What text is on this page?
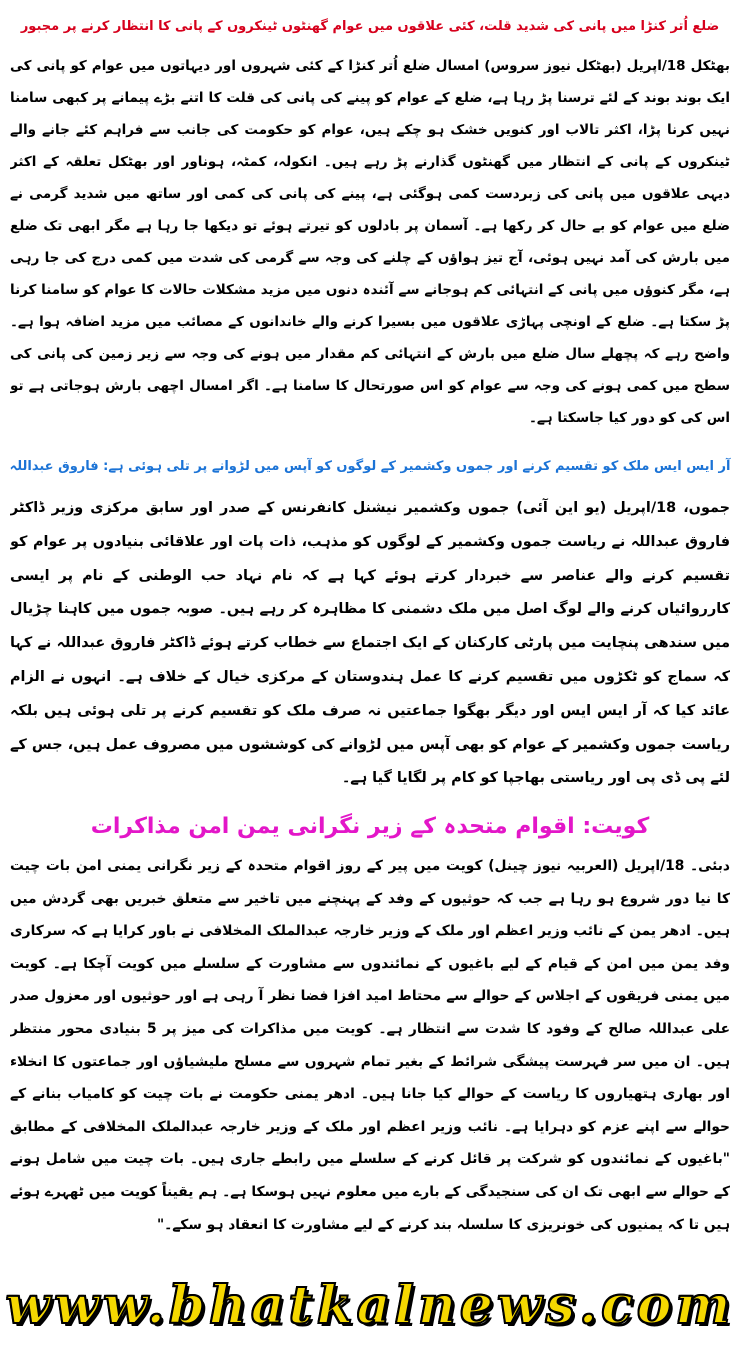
ضلع اُتر کنڑا میں پانی کی شدید قلت، کئی علاقوں میں عوام گھنٹوں ٹینکروں کے پانی کا انتظار کرنے پر مجبور
بھٹکل 18/اپریل (بھٹکل نیوز سروس) امسال ضلع اُتر کنڑا کے کئی شہروں اور دیہاتوں میں عوام کو پانی کی ایک بوند بوند کے لئے ترسنا پڑ رہا ہے، ضلع کے عوام کو پینے کی پانی کی قلت کا اتنے بڑے پیمانے پر کبھی سامنا نہیں کرنا پڑا، اکثر تالاب اور کنویں خشک ہو چکے ہیں، عوام کو حکومت کی جانب سے فراہم کئے جانے والے ٹینکروں کے پانی کے انتظار میں گھنٹوں گذارنے پڑ رہے ہیں۔ انکولہ، کمٹہ، ہوناور اور بھٹکل تعلقہ کے اکثر دیہی علاقوں میں پانی کی زبردست کمی ہوگئی ہے، پینے کی پانی کی کمی اور ساتھ میں شدید گرمی نے ضلع میں عوام کو بے حال کر رکھا ہے۔ آسمان پر بادلوں کو تیرتے ہوئے تو دیکھا جا رہا ہے مگر ابھی تک ضلع میں بارش کی آمد نہیں ہوئی، آج تیز ہواؤں کے چلنے کی وجہ سے گرمی کی شدت میں کمی درج کی جا رہی ہے، مگر کنوؤں میں پانی کے انتہائی کم ہوجانے سے آئندہ دنوں میں مزید مشکلات حالات کا عوام کو سامنا کرنا پڑ سکتا ہے۔ ضلع کے اونچی پہاڑی علاقوں میں بسیرا کرنے والے خاندانوں کے مصائب میں مزید اضافہ ہوا ہے۔ واضح رہے کہ پچھلے سال ضلع میں بارش کے انتہائی کم مقدار میں ہونے کی وجہ سے زیر زمین کی پانی کی سطح میں کمی ہونے کی وجہ سے عوام کو اس صورتحال کا سامنا ہے۔ اگر امسال اچھی بارش ہوجاتی ہے تو اس کی کو دور کیا جاسکتا ہے۔
آر ایس ایس ملک کو تقسیم کرنے اور جموں وکشمیر کے لوگوں کو آپس میں لڑوانے پر تلی ہوئی ہے: فاروق عبداللہ
جموں، 18/اپریل (یو این آئی) جموں وکشمیر نیشنل کانفرنس کے صدر اور سابق مرکزی وزیر ڈاکٹر فاروق عبداللہ نے ریاست جموں وکشمیر کے لوگوں کو مذہب، ذات پات اور علاقائی بنیادوں پر عوام کو تقسیم کرنے والے عناصر سے خبردار کرتے ہوئے کہا ہے کہ نام نہاد حب الوطنی کے نام پر ایسی کارروائیاں کرنے والے لوگ اصل میں ملک دشمنی کا مظاہرہ کر رہے ہیں۔ صوبہ جموں میں کاہنا چڑیال میں سندھی پنچایت میں پارٹی کارکنان کے ایک اجتماع سے خطاب کرتے ہوئے ڈاکٹر فاروق عبداللہ نے کہا کہ سماج کو ٹکڑوں میں تقسیم کرنے کا عمل ہندوستان کے مرکزی خیال کے خلاف ہے۔ انہوں نے الزام عائد کیا کہ آر ایس ایس اور دیگر بھگوا جماعتیں نہ صرف ملک کو تقسیم کرنے پر تلی ہوئی ہیں بلکہ ریاست جموں وکشمیر کے عوام کو بھی آپس میں لڑوانے کی کوششوں میں مصروف عمل ہیں، جس کے لئے پی ڈی پی اور ریاستی بھاجپا کو کام پر لگایا گیا ہے۔
کویت: اقوام متحدہ کے زیر نگرانی یمن امن مذاکرات
دبئی۔ 18/اپریل (العربیہ نیوز چینل) کویت میں پیر کے روز اقوام متحدہ کے زیر نگرانی یمنی امن بات چیت کا نیا دور شروع ہو رہا ہے جب کہ حوثیوں کے وفد کے پہنچنے میں تاخیر سے متعلق خبریں بھی گردش میں ہیں۔ ادھر یمن کے نائب وزیر اعظم اور ملک کے وزیر خارجہ عبدالملک المخلافی نے باور کرایا ہے کہ سرکاری وفد یمن میں امن کے قیام کے لیے باغیوں کے نمائندوں سے مشاورت کے سلسلے میں کویت آچکا ہے۔ کویت میں یمنی فریقوں کے اجلاس کے حوالے سے محتاط امید افزا فضا نظر آ رہی ہے اور حوثیوں اور معزول صدر علی عبداللہ صالح کے وفود کا شدت سے انتظار ہے۔ کویت میں مذاکرات کی میز پر 5 بنیادی محور منتظر ہیں۔ ان میں سر فہرست پیشگی شرائط کے بغیر تمام شہروں سے مسلح ملیشیاؤں اور جماعتوں کا انخلاء اور بھاری ہتھیاروں کا ریاست کے حوالے کیا جانا ہیں۔ ادھر یمنی حکومت نے بات چیت کو کامیاب بنانے کے حوالے سے اپنے عزم کو دہرایا ہے۔ نائب وزیر اعظم اور ملک کے وزیر خارجہ عبدالملک المخلافی کے مطابق "باغیوں کے نمائندوں کو شرکت پر قائل کرنے کے سلسلے میں رابطے جاری ہیں۔ بات چیت میں شامل ہونے کے حوالے سے ابھی تک ان کی سنجیدگی کے بارے میں معلوم نہیں ہوسکا ہے۔ ہم یقیناً کویت میں ٹھہرے ہوئے ہیں تا کہ یمنیوں کی خونریزی کا سلسلہ بند کرنے کے لیے مشاورت کا انعقاد ہو سکے۔"
www.bhatkalnews.com
